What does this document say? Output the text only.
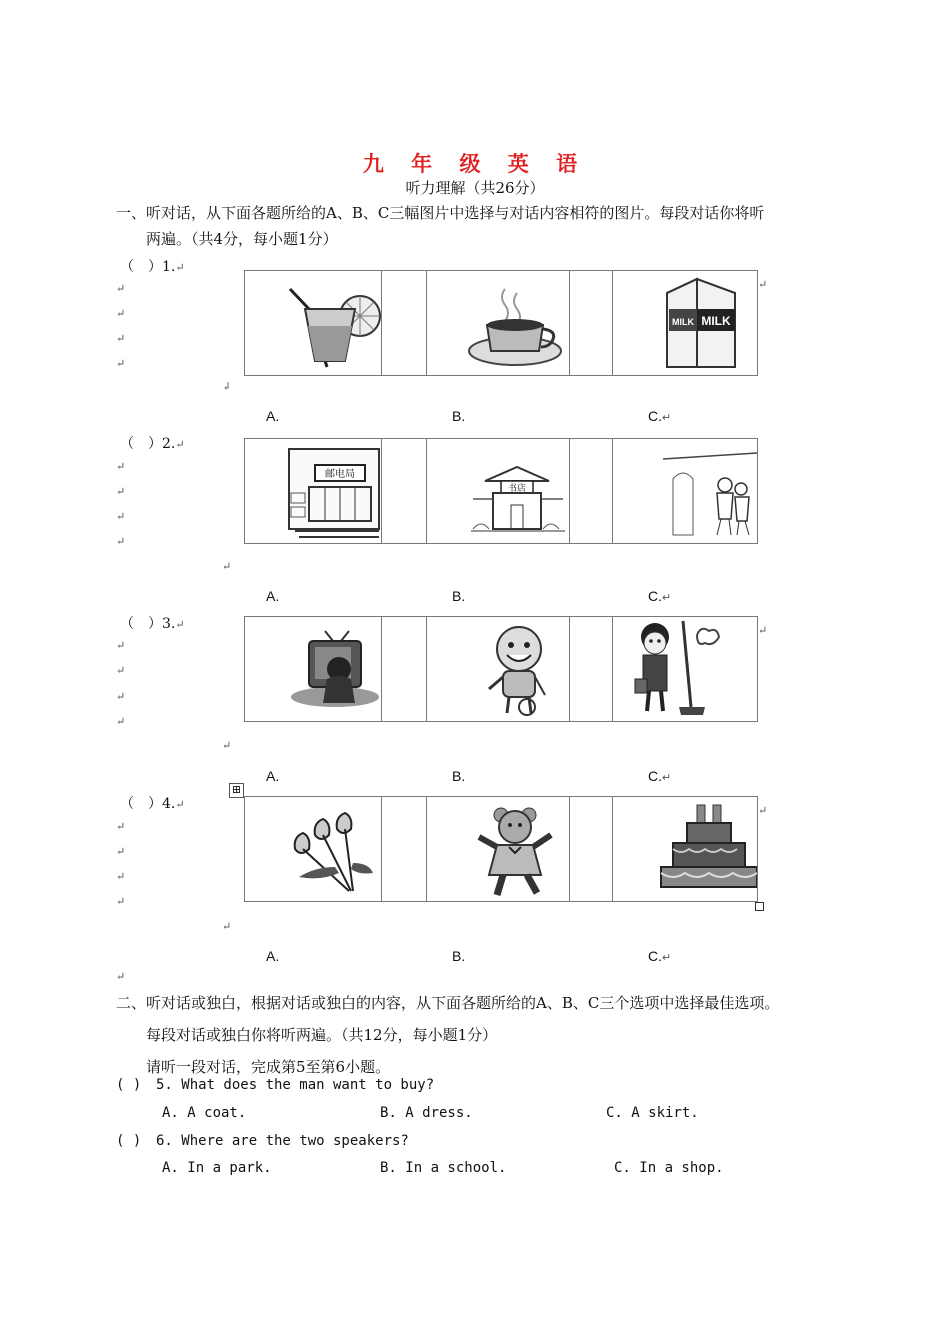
九 年 级 英 语
听力理解（共26分）
一、听对话，从下面各题所给的A、B、C三幅图片中选择与对话内容相符的图片。每段对话你将听
两遍。（共4分，每小题1分）
（　）1.↵
↵
↵
↵
↵
MILK
MILK
↵
↲
A.	B.	C.↵
（　）2.↵
↵
↵
↵
↵
邮电局
书店
↵
A.	B.	C.↵
（　）3.↵
↵
↵
↵
↵
↵
↵
A.	B.	C.↵
⊞
（　）4.↵
↵
↵
↵
↵
↵
↵
A.	B.	C.↵
↵
二、听对话或独白，根据对话或独白的内容，从下面各题所给的A、B、C三个选项中选择最佳选项。
每段对话或独白你将听两遍。（共12分，每小题1分）
请听一段对话，完成第5至第6小题。
( ) 5. What does the man want to buy?
A. A coat.	B. A dress.	C. A skirt.
( ) 6. Where are the two speakers?
A. In a park.	B. In a school.	C. In a shop.
